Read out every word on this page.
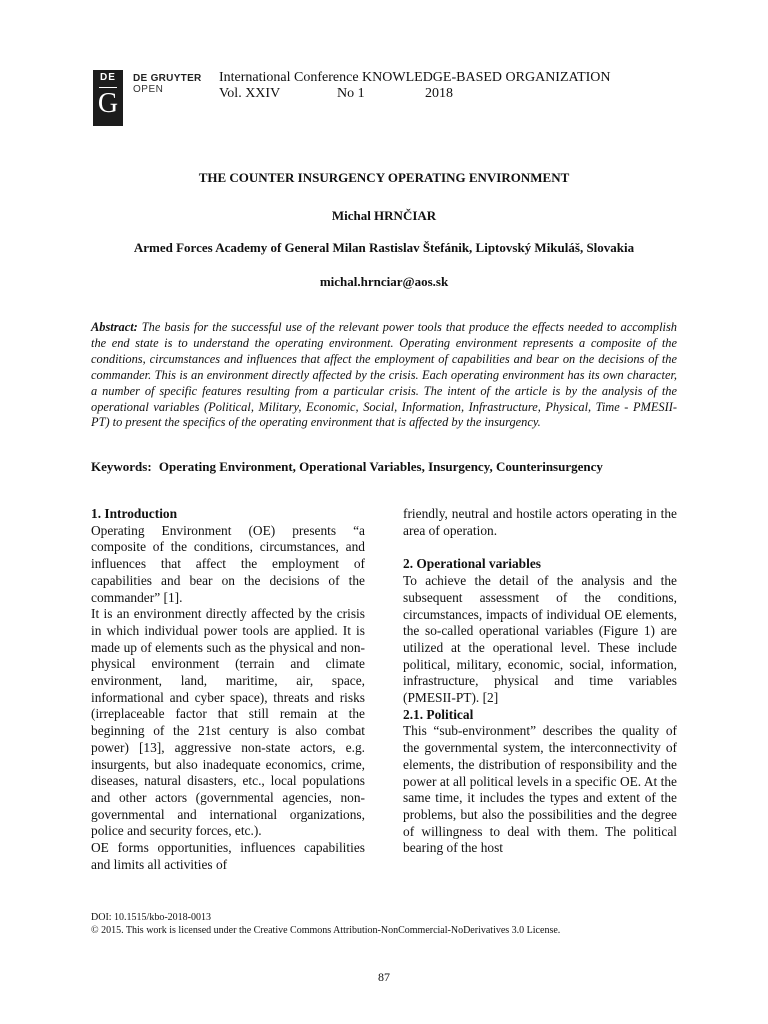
DE
G
DE GRUYTER
OPEN
International Conference KNOWLEDGE-BASED ORGANIZATION
Vol. XXIV	No 1	2018
THE COUNTER INSURGENCY OPERATING ENVIRONMENT
Michal HRNČIAR
Armed Forces Academy of General Milan Rastislav Štefánik, Liptovský Mikuláš, Slovakia
michal.hrnciar@aos.sk
Abstract: The basis for the successful use of the relevant power tools that produce the effects needed to accomplish the end state is to understand the operating environment. Operating environment represents a composite of the conditions, circumstances and influences that affect the employment of capabilities and bear on the decisions of the commander. This is an environment directly affected by the crisis. Each operating environment has its own character, a number of specific features resulting from a particular crisis. The intent of the article is by the analysis of the operational variables (Political, Military, Economic, Social, Information, Infrastructure, Physical, Time - PMESII-PT) to present the specifics of the operating environment that is affected by the insurgency.
Keywords: Operating Environment, Operational Variables, Insurgency, Counterinsurgency
1. Introduction

Operating Environment (OE) presents “a composite of the conditions, circumstances, and influences that affect the employment of capabilities and bear on the decisions of the commander” [1].

It is an environment directly affected by the crisis in which individual power tools are applied. It is made up of elements such as the physical and non-physical environment (terrain and climate environment, land, maritime, air, space, informational and cyber space), threats and risks (irreplaceable factor that still remain at the beginning of the 21st century is also combat power) [13], aggressive non-state actors, e.g. insurgents, but also inadequate economics, crime, diseases, natural disasters, etc., local populations and other actors (governmental agencies, non-governmental and international organizations, police and security forces, etc.).

OE forms opportunities, influences capabilities and limits all activities of

friendly, neutral and hostile actors operating in the area of operation.

2. Operational variables

To achieve the detail of the analysis and the subsequent assessment of the conditions, circumstances, impacts of individual OE elements, the so-called operational variables (Figure 1) are utilized at the operational level. These include political, military, economic, social, information, infrastructure, physical and time variables (PMESII-PT). [2]

2.1. Political

This “sub-environment” describes the quality of the governmental system, the interconnectivity of elements, the distribution of responsibility and the power at all political levels in a specific OE. At the same time, it includes the types and extent of the problems, but also the possibilities and the degree of willingness to deal with them. The political bearing of the host

DOI: 10.1515/kbo-2018-0013
© 2015. This work is licensed under the Creative Commons Attribution-NonCommercial-NoDerivatives 3.0 License.
87
